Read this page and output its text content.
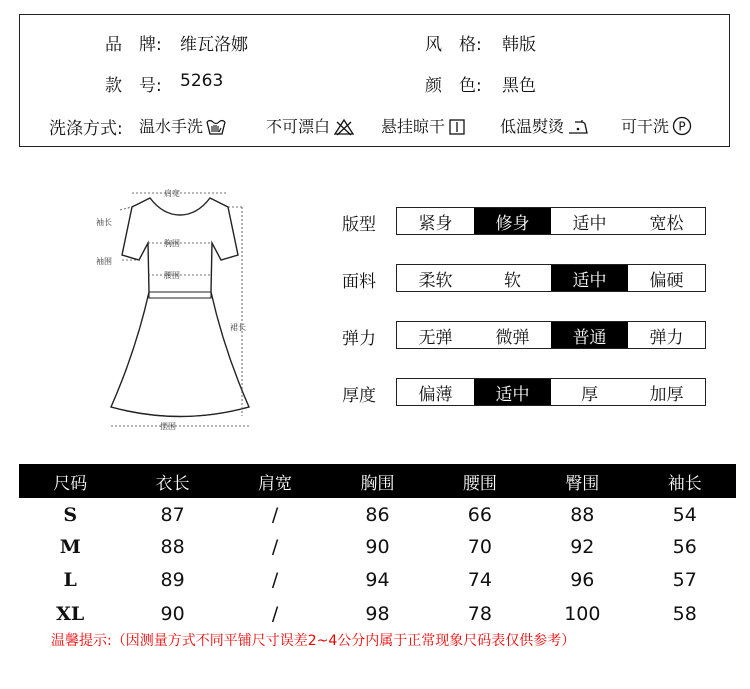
品　牌: 维瓦洛娜	风　格: 韩版
款　号: 5263	颜　色: 黑色
洗涤方式: 温水手洗	不可漂白	悬挂晾干	低温熨烫	可干洗 P
肩宽
袖长
胸围
袖围
腰围
裙长
摆围
版型	紧身	修身	适中	宽松
面料	柔软	软	适中	偏硬
弹力	无弹	微弹	普通	弹力
厚度	偏薄	适中	厚	加厚
尺码	衣长	肩宽	胸围	腰围	臀围	袖长
S	87	/	86	66	88	54
M	88	/	90	70	92	56
L	89	/	94	74	96	57
XL	90	/	98	78	100	58
温馨提示:（因测量方式不同平铺尺寸误差2~4公分内属于正常现象尺码表仅供参考）
